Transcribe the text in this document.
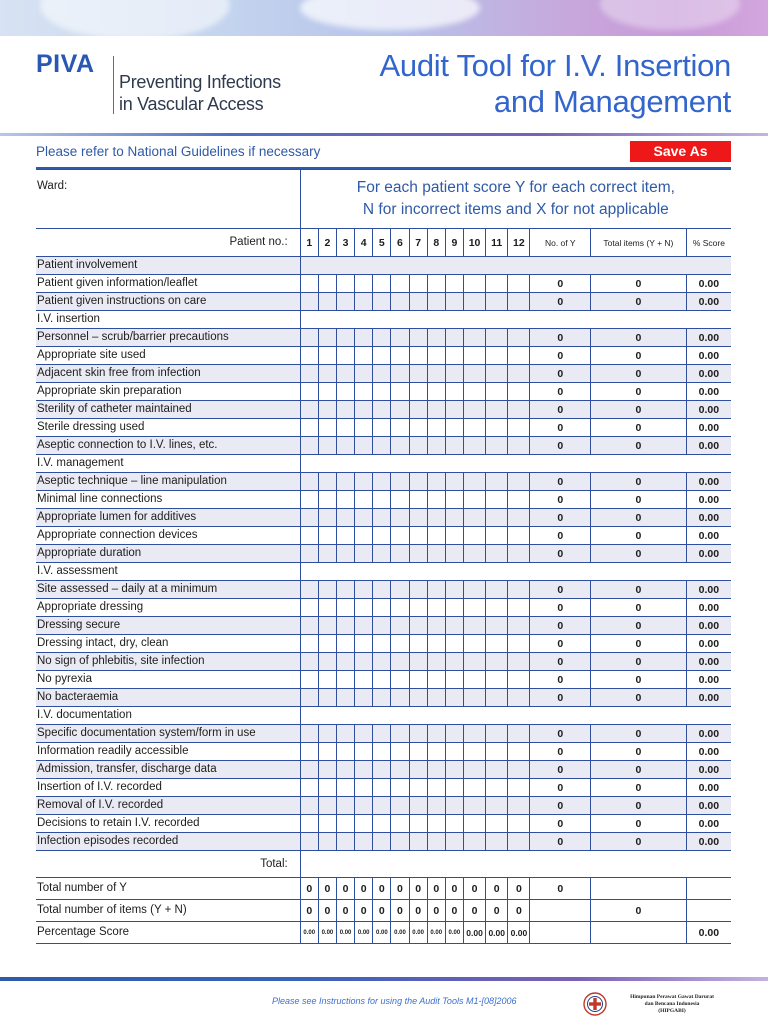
PIVA
Preventing Infections
in Vascular Access
Audit Tool for I.V. Insertion
and Management
Please refer to National Guidelines if necessary	Save As
Ward:	For each patient score Y for each correct item,
N for incorrect items and X for not applicable														

Patient no.:	1	2	3	4	5	6	7	8	9	10	11	12	No. of Y	Total items (Y + N)	% Score
Patient involvement															
Patient given information/leaflet													0	0	0.00
Patient given instructions on care													0	0	0.00
I.V. insertion															
Personnel – scrub/barrier precautions													0	0	0.00
Appropriate site used													0	0	0.00
Adjacent skin free from infection													0	0	0.00
Appropriate skin preparation													0	0	0.00
Sterility of catheter maintained													0	0	0.00
Sterile dressing used													0	0	0.00
Aseptic connection to I.V. lines, etc.													0	0	0.00
I.V. management															
Aseptic technique – line manipulation													0	0	0.00
Minimal line connections													0	0	0.00
Appropriate lumen for additives													0	0	0.00
Appropriate connection devices													0	0	0.00
Appropriate duration													0	0	0.00
I.V. assessment															
Site assessed – daily at a minimum													0	0	0.00
Appropriate dressing													0	0	0.00
Dressing secure													0	0	0.00
Dressing intact, dry, clean													0	0	0.00
No sign of phlebitis, site infection													0	0	0.00
No pyrexia													0	0	0.00
No bacteraemia													0	0	0.00
I.V. documentation															
Specific documentation system/form in use													0	0	0.00
Information readily accessible													0	0	0.00
Admission, transfer, discharge data													0	0	0.00
Insertion of I.V. recorded													0	0	0.00
Removal of I.V. recorded													0	0	0.00
Decisions to retain I.V. recorded													0	0	0.00
Infection episodes recorded													0	0	0.00
Total:															
Total number of Y	0	0	0	0	0	0	0	0	0	0	0	0	0		
Total number of items (Y + N)	0	0	0	0	0	0	0	0	0	0	0	0		0	
Percentage Score	0.00	0.00	0.00	0.00	0.00	0.00	0.00	0.00	0.00	0.00	0.00	0.00			0.00
Please see Instructions for using the Audit Tools M1-[08]2006	Himpunan Perawat Gawat Darurat
dan Bencana Indonesia
(HIPGABI)
